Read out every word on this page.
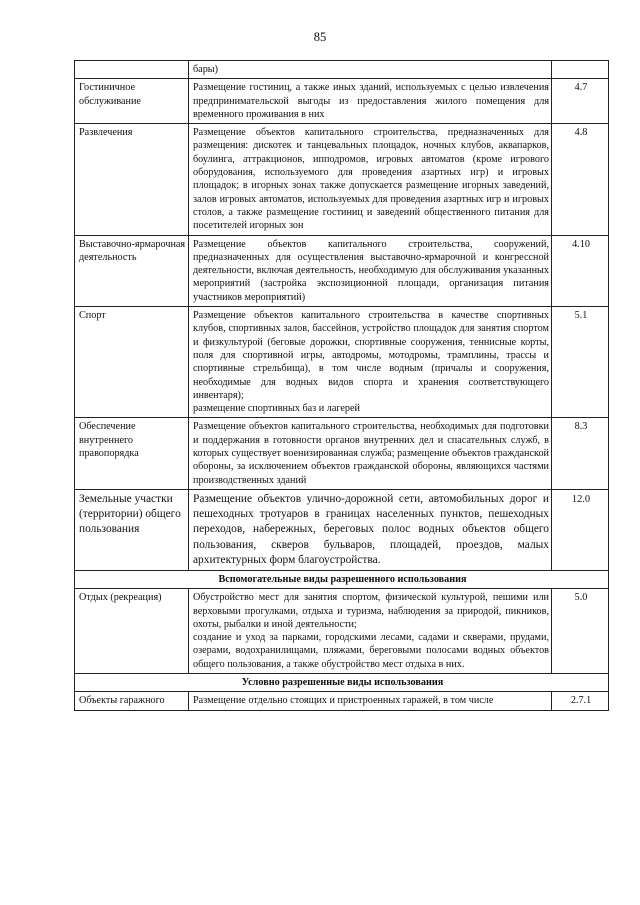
85

	бары)	

Гостиничное обслуживание	Размещение гостиниц, а также иных зданий, используемых с целью извлечения предпринимательской выгоды из предоставления жилого помещения для временного проживания в них	4.7
Развлечения	Размещение объектов капитального строительства, предназначенных для размещения: дискотек и танцевальных площадок, ночных клубов, аквапарков, боулинга, аттракционов, ипподромов, игровых автоматов (кроме игрового оборудования, используемого для проведения азартных игр) и игровых площадок; в игорных зонах также допускается размещение игорных заведений, залов игровых автоматов, используемых для проведения азартных игр и игровых столов, а также размещение гостиниц и заведений общественного питания для посетителей игорных зон	4.8
Выставочно-ярмарочная деятельность	Размещение объектов капитального строительства, сооружений, предназначенных для осуществления выставочно-ярмарочной и конгрессной деятельности, включая деятельность, необходимую для обслуживания указанных мероприятий (застройка экспозиционной площади, организация питания участников мероприятий)	4.10
Спорт	Размещение объектов капитального строительства в качестве спортивных клубов, спортивных залов, бассейнов, устройство площадок для занятия спортом и физкультурой (беговые дорожки, спортивные сооружения, теннисные корты, поля для спортивной игры, автодромы, мотодромы, трамплины, трассы и спортивные стрельбища), в том числе водным (причалы и сооружения, необходимые для водных видов спорта и хранения соответствующего инвентаря);
размещение спортивных баз и лагерей	5.1
Обеспечение внутреннего правопорядка	Размещение объектов капитального строительства, необходимых для подготовки и поддержания в готовности органов внутренних дел и спасательных служб, в которых существует военизированная служба; размещение объектов гражданской обороны, за исключением объектов гражданской обороны, являющихся частями производственных зданий	8.3
Земельные участки (территории) общего пользования	Размещение объектов улично-дорожной сети, автомобильных дорог и пешеходных тротуаров в границах населенных пунктов, пешеходных переходов, набережных, береговых полос водных объектов общего пользования, скверов бульваров, площадей, проездов, малых архитектурных форм благоустройства.	12.0
Вспомогательные виды разрешенного использования		
Отдых (рекреация)	Обустройство мест для занятия спортом, физической культурой, пешими или верховыми прогулками, отдыха и туризма, наблюдения за природой, пикников, охоты, рыбалки и иной деятельности;
создание и уход за парками, городскими лесами, садами и скверами, прудами, озерами, водохранилищами, пляжами, береговыми полосами водных объектов общего пользования, а также обустройство мест отдыха в них.	5.0
Условно разрешенные виды использования		
Объекты гаражного	Размещение отдельно стоящих и пристроенных гаражей, в том числе	2.7.1
